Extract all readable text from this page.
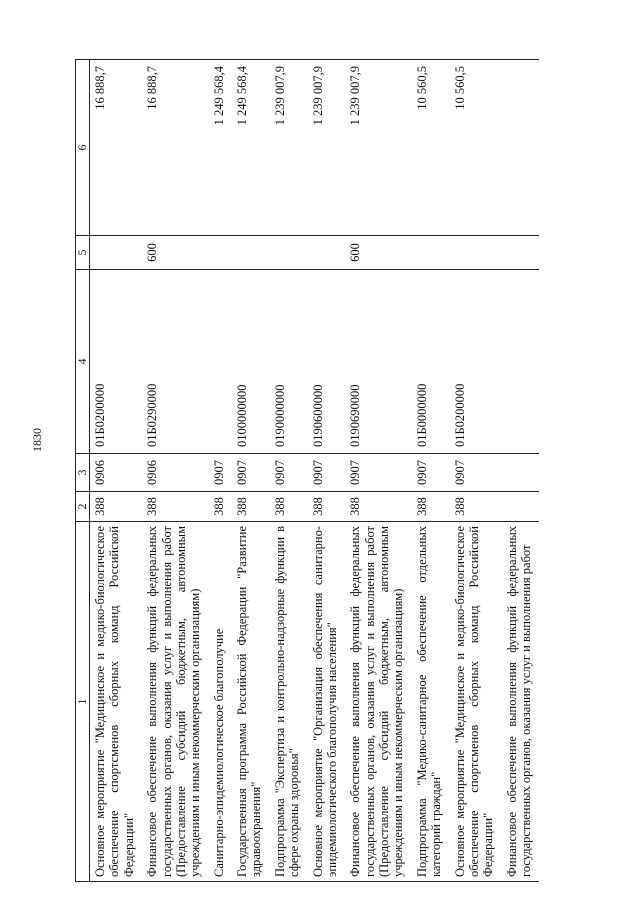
1830
1	2	3	4	5	6
Основное мероприятие "Медицинское и медико-биологическое обеспечение спортсменов сборных команд Российской Федерации"	388	0906	01Б0200000		16 888,7
Финансовое обеспечение выполнения функций федеральных государственных органов, оказания услуг и выполнения работ (Предоставление субсидий бюджетным, автономным учреждениям и иным некоммерческим организациям)	388	0906	01Б0290000	600	16 888,7
Санитарно-эпидемиологическое благополучие	388	0907			1 249 568,4
Государственная программа Российской Федерации "Развитие здравоохранения"	388	0907	0100000000		1 249 568,4
Подпрограмма "Экспертиза и контрольно-надзорные функции в сфере охраны здоровья"	388	0907	0190000000		1 239 007,9
Основное мероприятие "Организация обеспечения санитарно-эпидемиологического благополучия населения"	388	0907	0190600000		1 239 007,9
Финансовое обеспечение выполнения функций федеральных государственных органов, оказания услуг и выполнения работ (Предоставление субсидий бюджетным, автономным учреждениям и иным некоммерческим организациям)	388	0907	0190690000	600	1 239 007,9
Подпрограмма "Медико-санитарное обеспечение отдельных категорий граждан"	388	0907	01Б0000000		10 560,5
Основное мероприятие "Медицинское и медико-биологическое обеспечение спортсменов сборных команд Российской Федерации"	388	0907	01Б0200000		10 560,5
Финансовое обеспечение выполнения функций федеральных государственных органов, оказания услуг и выполнения работ					
